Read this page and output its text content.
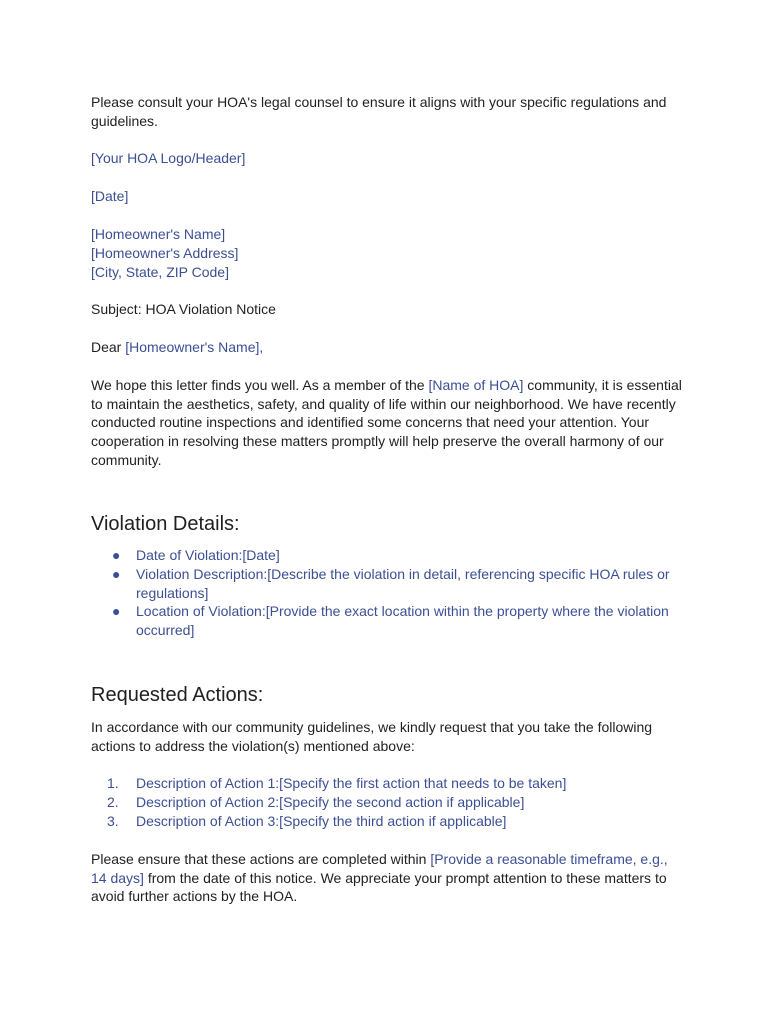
Please consult your HOA's legal counsel to ensure it aligns with your specific regulations and

guidelines.

[Your HOA Logo/Header]

[Date]

[Homeowner's Name]

[Homeowner's Address]

[City, State, ZIP Code]

Subject: HOA Violation Notice

Dear [Homeowner's Name],

We hope this letter finds you well. As a member of the [Name of HOA] community, it is essential

to maintain the aesthetics, safety, and quality of life within our neighborhood. We have recently

conducted routine inspections and identified some concerns that need your attention. Your

cooperation in resolving these matters promptly will help preserve the overall harmony of our

community.

Violation Details:
●	Date of Violation:[Date]
●	Violation Description:[Describe the violation in detail, referencing specific HOA rules or
regulations]
●	Location of Violation:[Provide the exact location within the property where the violation
occurred]
Requested Actions:

In accordance with our community guidelines, we kindly request that you take the following

actions to address the violation(s) mentioned above:

1.	Description of Action 1:[Specify the first action that needs to be taken]
2.	Description of Action 2:[Specify the second action if applicable]
3.	Description of Action 3:[Specify the third action if applicable]

Please ensure that these actions are completed within [Provide a reasonable timeframe, e.g.,

14 days] from the date of this notice. We appreciate your prompt attention to these matters to

avoid further actions by the HOA.
